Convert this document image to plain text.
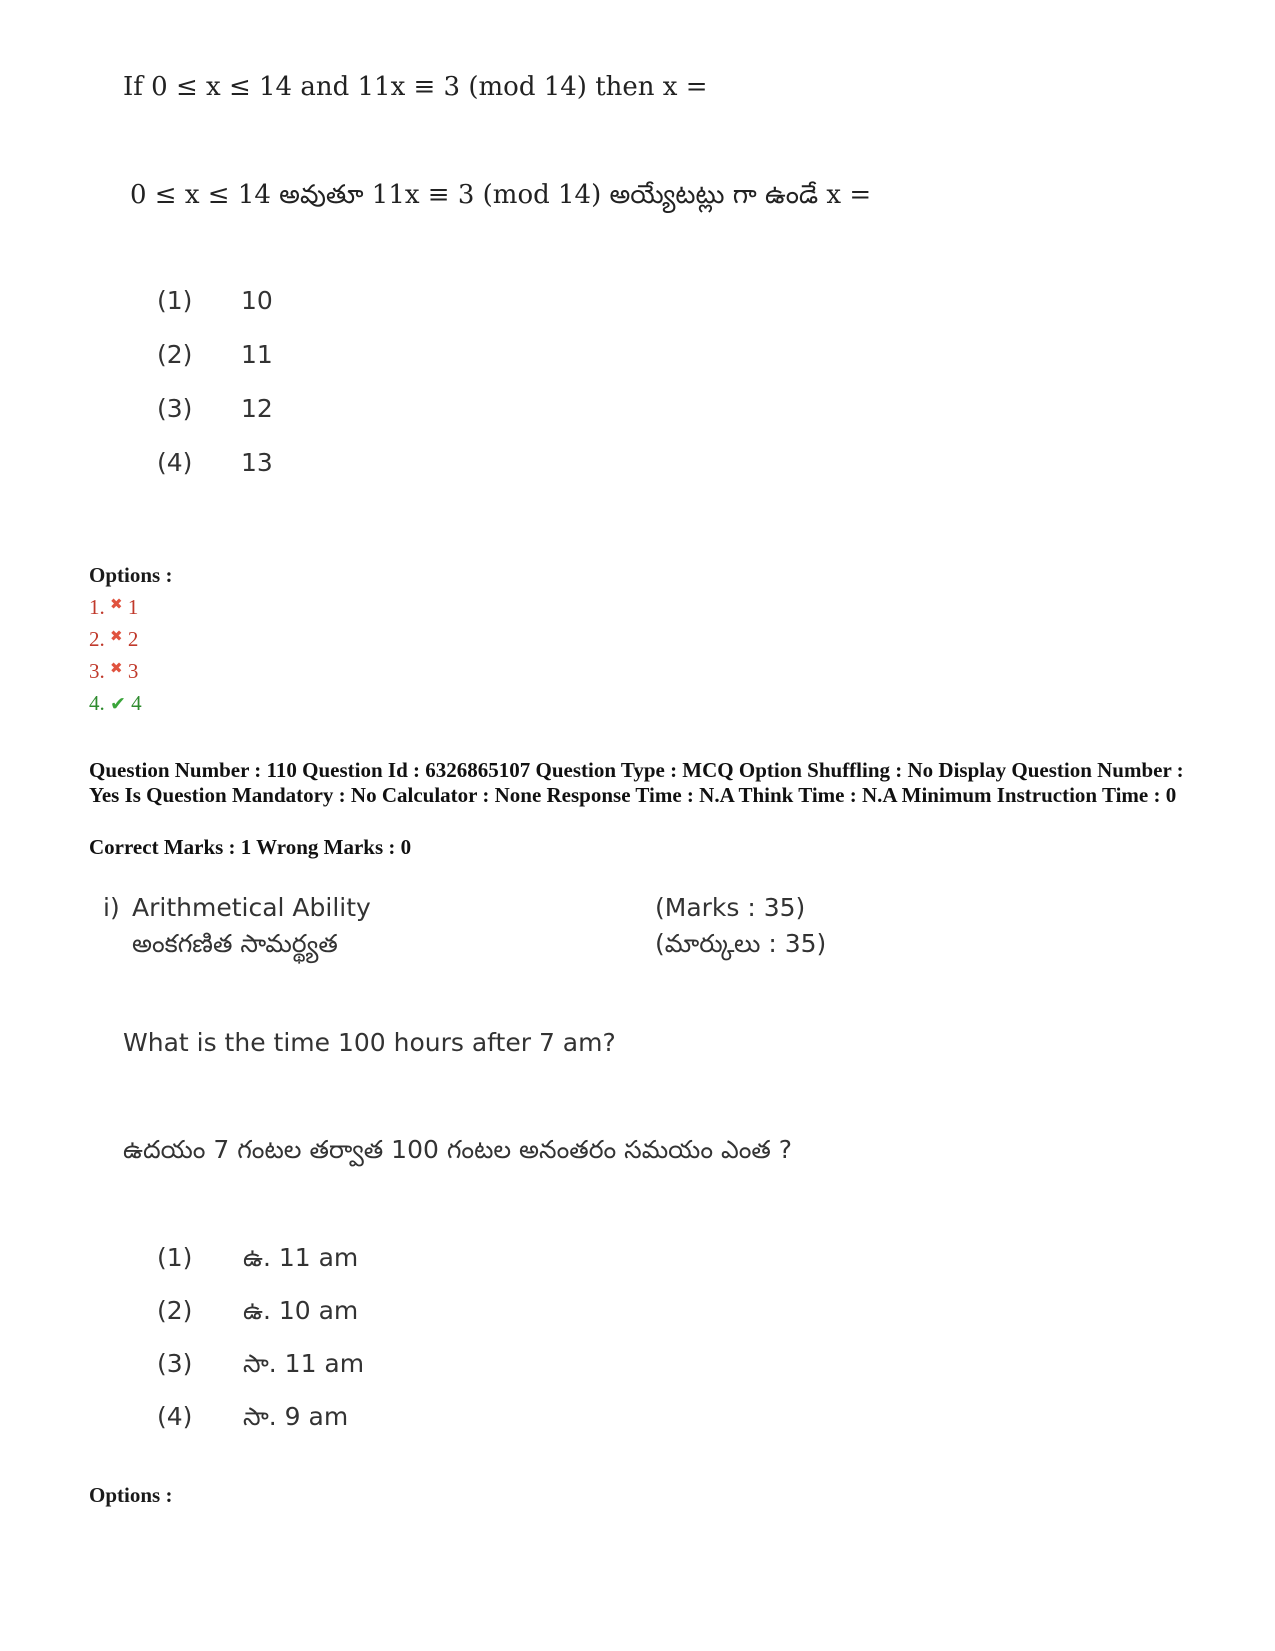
If 0 ≤ x ≤ 14 and 11x ≡ 3 (mod 14) then x =
0 ≤ x ≤ 14 అవుతూ 11x ≡ 3 (mod 14) అయ్యేటట్లు గా ఉండే x =
(1) 10
(2) 11
(3) 12
(4) 13
Options :
1. ✖ 1
2. ✖ 2
3. ✖ 3
4. ✔ 4
Question Number : 110 Question Id : 6326865107 Question Type : MCQ Option Shuffling : No Display Question Number : Yes Is Question Mandatory : No Calculator : None Response Time : N.A Think Time : N.A Minimum Instruction Time : 0
Correct Marks : 1 Wrong Marks : 0
i) Arithmetical Ability
అంకగణిత సామర్థ్యత
(Marks : 35)
(మార్కులు : 35)
What is the time 100 hours after 7 am?
ఉదయం 7 గంటల తర్వాత 100 గంటల అనంతరం సమయం ఎంత ?
(1) ఉ. 11 am
(2) ఉ. 10 am
(3) సా. 11 am
(4) సా. 9 am
Options :
